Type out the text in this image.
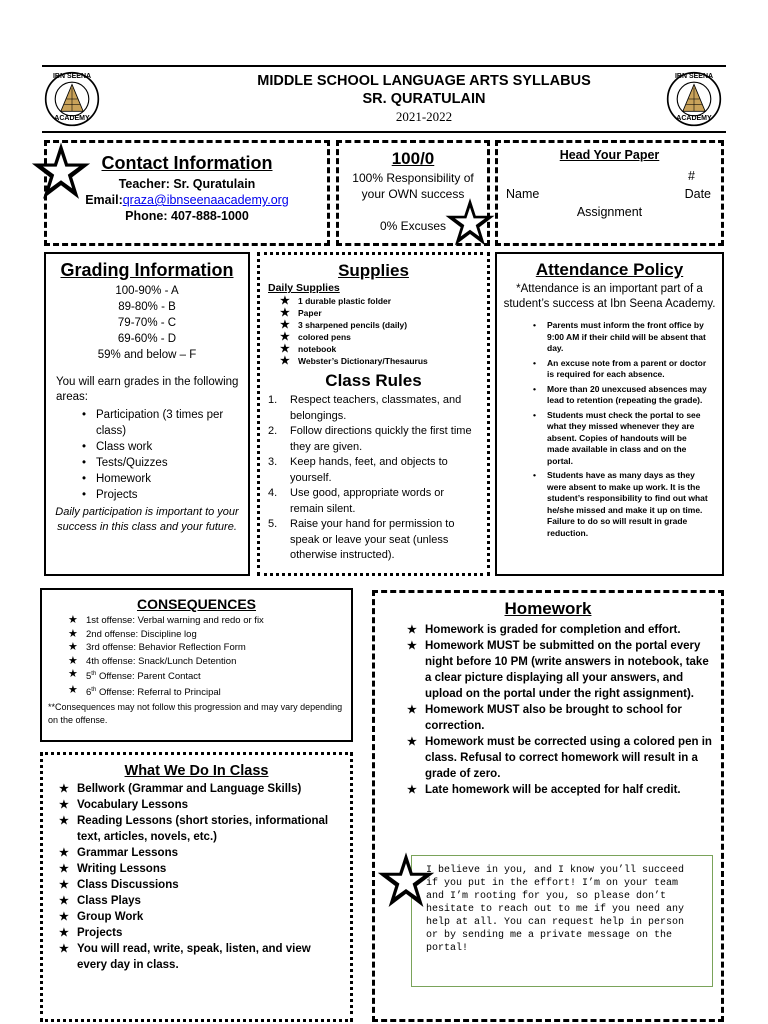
IBN SEENA
ACADEMY
MIDDLE SCHOOL LANGUAGE ARTS SYLLABUS
SR. QURATULAIN
2021-2022
IBN SEENA
ACADEMY
Contact Information
Teacher: Sr. Quratulain
Email:qraza@ibnseenaacademy.org
Phone: 407-888-1000
100/0
100% Responsibility of
your OWN success
0% Excuses
Head Your Paper
#
Name	Date
Assignment
Grading Information
100-90% - A
89-80% - B
79-70% - C
69-60% - D
59% and below – F
You will earn grades in the following areas:
• Participation (3 times per class)
• Class work
• Tests/Quizzes
• Homework
• Projects
Daily participation is important to your success in this class and your future.
Supplies
Daily Supplies
★ 1 durable plastic folder
★ Paper
★ 3 sharpened pencils (daily)
★ colored pens
★ notebook
★ Webster’s Dictionary/Thesaurus
Class Rules
1. Respect teachers, classmates, and belongings.
2. Follow directions quickly the first time they are given.
3. Keep hands, feet, and objects to yourself.
4. Use good, appropriate words or remain silent.
5. Raise your hand for permission to speak or leave your seat (unless otherwise instructed).
Attendance Policy
*Attendance is an important part of a student’s success at Ibn Seena Academy.
• Parents must inform the front office by 9:00 AM if their child will be absent that day.
• An excuse note from a parent or doctor is required for each absence.
• More than 20 unexcused absences may lead to retention (repeating the grade).
• Students must check the portal to see what they missed whenever they are absent. Copies of handouts will be made available in class and on the portal.
• Students have as many days as they were absent to make up work. It is the student’s responsibility to find out what he/she missed and make it up on time. Failure to do so will result in grade reduction.
CONSEQUENCES
★ 1st offense: Verbal warning and redo or fix
★ 2nd offense: Discipline log
★ 3rd offense: Behavior Reflection Form
★ 4th offense: Snack/Lunch Detention
★ 5th Offense: Parent Contact
★ 6th Offense: Referral to Principal
**Consequences may not follow this progression and may vary depending on the offense.
Homework
★ Homework is graded for completion and effort.
★ Homework MUST be submitted on the portal every night before 10 PM (write answers in notebook, take a clear picture displaying all your answers, and upload on the portal under the right assignment).
★ Homework MUST also be brought to school for correction.
★ Homework must be corrected using a colored pen in class. Refusal to correct homework will result in a grade of zero.
★ Late homework will be accepted for half credit.
I believe in you, and I know you’ll succeed if you put in the effort! I’m on your team and I’m rooting for you, so please don’t hesitate to reach out to me if you need any help at all. You can request help in person or by sending me a private message on the portal!
What We Do In Class
★ Bellwork (Grammar and Language Skills)
★ Vocabulary Lessons
★ Reading Lessons (short stories, informational text, articles, novels, etc.)
★ Grammar Lessons
★ Writing Lessons
★ Class Discussions
★ Class Plays
★ Group Work
★ Projects
★ You will read, write, speak, listen, and view every day in class.
